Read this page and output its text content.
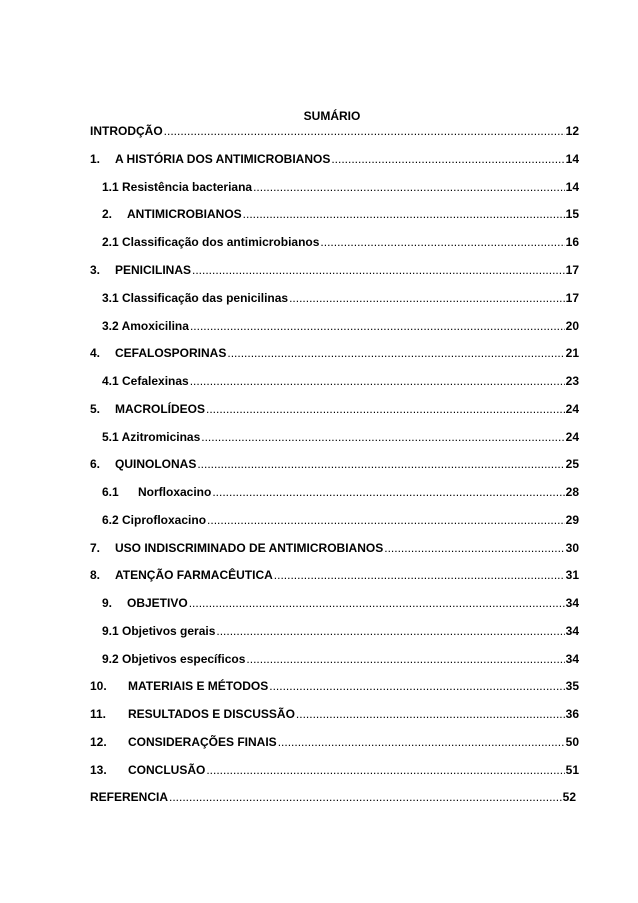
SUMÁRIO
INTRODÇÃO .....	12
1.	A HISTÓRIA DOS ANTIMICROBIANOS .....	14
1.1 Resistência bacteriana .....	14
2.	ANTIMICROBIANOS .....	15
2.1 Classificação dos antimicrobianos .....	16
3.	PENICILINAS .....	17
3.1 Classificação das penicilinas .....	17
3.2 Amoxicilina .....	20
4.	CEFALOSPORINAS .....	21
4.1 Cefalexinas .....	23
5.	MACROLÍDEOS .....	24
5.1 Azitromicinas .....	24
6.	QUINOLONAS .....	25
6.1	Norfloxacino .....	28
6.2 Ciprofloxacino .....	29
7.	USO INDISCRIMINADO DE ANTIMICROBIANOS .....	30
8.	ATENÇÃO FARMACÊUTICA .....	31
9.	OBJETIVO .....	34
9.1 Objetivos gerais .....	34
9.2 Objetivos específicos .....	34
10.	MATERIAIS E MÉTODOS .....	35
11.	RESULTADOS E DISCUSSÃO .....	36
12.	CONSIDERAÇÕES FINAIS .....	50
13.	CONCLUSÃO .....	51
REFERENCIA .....	52
